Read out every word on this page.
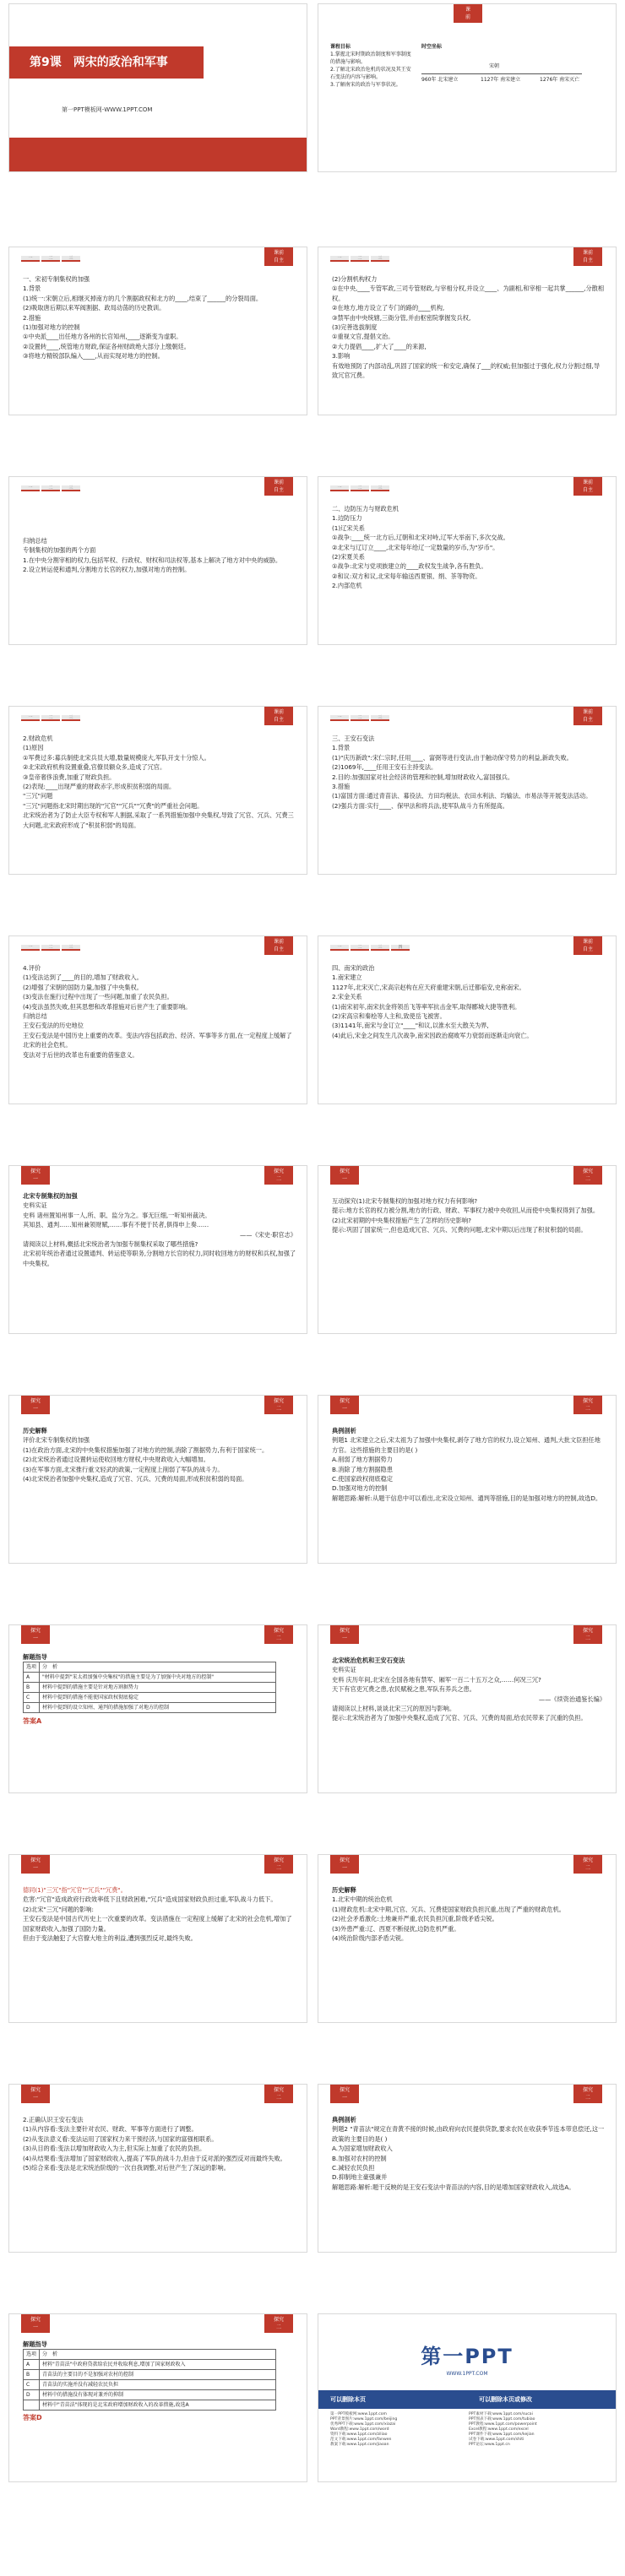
第9课　两宋的政治和军事
第一PPT模板网-WWW.1PPT.COM
课
前
课程目标
1.掌握北宋时期政治制度和军事制度的措施与影响。
2.了解北宋政治危机的状况及其王安石变法的内容与影响。
3.了解南宋的政治与军事状况。
时空坐标
宋朝
960年 北宋建立	1127年 南宋建立	1276年 南宋灭亡
一	二	三
课前
自主

一、宋初专制集权的加强

1.背景

(1)统一:宋朝立后,相继灭掉南方的几个割据政权和北方的____,结束了______的分裂局面。

(2)吸取唐后期以来军阀割据、政局动荡的历史教训。

2.措施

(1)加强对地方的控制

①中央派____出任地方各州的长官知州,____逐渐变为虚职。

②设置转____,统管地方财政,保证各州财政绝大部分上缴朝廷。

③将地方精锐部队编入____,从而实现对地方的控制。

一	二	三
课前
自主

(2)分割机构权力

①在中央,____专管军政,三司专管财政,与宰相分权,并设立____、为副相,和宰相一起共掌______,分散相权。

②在地方,地方设立了专门的路的____机构,

③禁军由中央统辖,三衙分管,并由枢密院掌握发兵权,

(3)完善选拔制度

①重视文官,提倡文治。

②大力提倡____,扩大了____的来源,

3.影响

有效地预防了内部动乱,巩固了国家的统一和安定,确保了___的权威;但加强过于强化,权力分割过细,导致冗官冗费。

一	二	三
课前
自主

归纳总结

专制集权的加强的两个方面

1.在中央分割宰相的权力,包括军权、行政权、财权和司法权等,基本上解决了地方对中央的威胁。

2.设立转运使和通判,分割地方长官的权力,加强对地方的控制。

一	二	三
课前
自主

二、边防压力与财政危机

1.边防压力

(1)辽宋关系

①战争:____统一北方后,辽朝和北宋对峙,辽军大举南下,多次交战。

②北宋与辽订立____,北宋每年给辽一定数量的岁币,为"岁币"。

(2)宋夏关系

①战争:北宋与党项族建立的____政权发生战争,各有胜负。

②和议:双方和议,北宋每年输送西夏银、绢、茶等物资。

2.内部危机

一	二	三
课前
自主

2.财政危机

(1)原因

①军费过多:募兵制使北宋兵员大增,数量规模庞大,军队开支十分惊人。

②北宋政府机构设置重叠,官僚员额众多,造成了冗官。

③皇帝奢侈浪费,加重了财政负担。

(2)表现:____出现严重的财政赤字,形成积贫积弱的局面。

"三冗"问题

"三冗"问题指北宋时期出现的"冗官""冗兵""冗费"的严重社会问题。

北宋统治者为了防止大臣专权和军人割据,采取了一系列措施加强中央集权,导致了冗官、冗兵、冗费三大问题,北宋政府形成了"积贫积弱"的局面。

一	二	三
课前
自主

三、王安石变法

1.背景

(1)"庆历新政":宋仁宗时,任用____、富弼等进行变法,由于触动保守势力的利益,新政失败。

(2)1069年,____任用王安石主持变法。

2.目的:加强国家对社会经济的管理和控制,增加财政收入,富国强兵。

3.措施

(1)富国方面:通过青苗法、募役法、方田均税法、农田水利法、均输法、市易法等开展变法活动。

(2)强兵方面:实行____、保甲法和将兵法,使军队战斗力有所提高。

一	二	三
课前
自主

4.评价

(1)变法达到了____的目的,增加了财政收入。

(2)增强了宋朝的国防力量,加强了中央集权。

(3)变法在施行过程中出现了一些问题,加重了农民负担。

(4)变法虽然失败,但其思想和改革措施对后世产生了重要影响。

归纳总结

王安石变法的历史地位

王安石变法是中国历史上重要的改革。变法内容包括政治、经济、军事等多方面,在一定程度上缓解了北宋的社会危机。

变法对于后世的改革也有重要的借鉴意义。

一	二	三	四
课前
自主

四、南宋的政治

1.南宋建立

1127年,北宋灭亡,宋高宗赵构在应天府重建宋朝,后迁都临安,史称南宋。

2.宋金关系

(1)南宋初年,南宋抗金将领岳飞等率军抗击金军,取得郾城大捷等胜利。

(2)宋高宗和秦桧等人主和,致使岳飞被害。

(3)1141年,南宋与金订立"____"和议,以淮水至大散关为界,

(4)此后,宋金之间发生几次战争,南宋因政治腐败军力衰弱而逐渐走向衰亡。

探究
一
探究
二

北宋专制集权的加强

史料实证

史料 诸州置知州事一人,所、职、监分为之。事无巨细,一听知州裁决。

其知县、通判……知州兼领财赋,……事有不便于民者,俱得申上奏……

——《宋史·职官志》

请阅读以上材料,概括北宋统治者为加强专制集权采取了哪些措施?

北宋初年统治者通过设置通判、转运使等职务,分割地方长官的权力,同时收回地方的财权和兵权,加强了中央集权。

探究
一
探究
二

互动探究(1)北宋专制集权的加强对地方权力有何影响?

提示:地方长官的权力被分割,地方的行政、财政、军事权力被中央收回,从而使中央集权得到了加强。

(2)北宋初期的中央集权措施产生了怎样的历史影响?

提示:巩固了国家统一,但也造成冗官、冗兵、冗费的问题,北宋中期以后出现了积贫积弱的局面。

探究
一
探究
二

历史解释

评价北宋专制集权的加强

(1)在政治方面,北宋的中央集权措施加强了对地方的控制,消除了割据势力,有利于国家统一。

(2)北宋统治者通过设置转运使收回地方财权,中央财政收入大幅增加。

(3)在军事方面,北宋推行重文轻武的政策,一定程度上削弱了军队的战斗力。

(4)北宋统治者加强中央集权,造成了冗官、冗兵、冗费的局面,形成积贫积弱的局面。

探究
一
探究
二

典例剖析

例题1 北宋建立之后,宋太祖为了加强中央集权,剥夺了地方官的权力,设立知州、通判,大批文臣担任地方官。这些措施的主要目的是( )

A.削弱了地方割据势力

B.消除了地方割据隐患

C.使国家政权彻底稳定

D.加强对地方的控制

解题思路:解析:从题干信息中可以看出,北宋设立知州、通判等措施,目的是加强对地方的控制,故选D。

探究
一
探究
二

解题指导

选项	分　析
A	"材料中提到"宋太祖加强中央集权"的措施主要是为了加强中央对地方的控制"
B	材料中提到的措施主要是针对地方割据势力
C	材料中提到的措施不能使国家政权彻底稳定
D	材料中提到的设立知州、通判的措施加强了对地方的控制

答案A

探究
一
探究
二

北宋统治危机和王安石变法

史料实证

史料 庆历年间,北宋在全国各地有禁军、厢军一百二十五万之众,……何况三冗?

天下有官吏冗费之患,农民赋税之患,军队有养兵之患。

——《续资治通鉴长编》

请阅读以上材料,谈谈北宋三冗的原因与影响。

提示:北宋统治者为了加强中央集权,造成了冗官、冗兵、冗费的局面,给农民带来了沉重的负担。

探究
一
探究
二

德同(1)"三冗"指"冗官""冗兵""冗费"。

危害:"冗官"造成政府行政效率低下且财政困难,"冗兵"造成国家财政负担过重,军队战斗力低下。

(2)北宋"三冗"问题的影响:

王安石变法是中国古代历史上一次重要的改革。变法措施在一定程度上缓解了北宋的社会危机,增加了国家财政收入,加强了国防力量。

但由于变法触犯了大官僚大地主的利益,遭到强烈反对,最终失败。

探究
一
探究
二

历史解释

1.北宋中期的统治危机

(1)财政危机:北宋中期,冗官、冗兵、冗费使国家财政负担沉重,出现了严重的财政危机。

(2)社会矛盾激化:土地兼并严重,农民负担沉重,阶级矛盾尖锐。

(3)外患严重:辽、西夏不断侵扰,边防危机严重。

(4)统治阶级内部矛盾尖锐。

探究
一
探究
二

2.正确认识王安石变法

(1)从内容看:变法主要针对农民、财政、军事等方面进行了调整。

(2)从变法意义看:变法运用了国家权力来干预经济,与国家的富强相联系。

(3)从目的看:变法以增加财政收入为主,但实际上加重了农民的负担。

(4)从结果看:变法增加了国家财政收入,提高了军队的战斗力,但由于反对派的强烈反对而最终失败。

(5)综合来看:变法是北宋统治阶级的一次自我调整,对后世产生了深远的影响。

探究
一
探究
二

典例剖析

例题2 "青苗法"规定在青黄不接的时候,由政府向农民提供贷款,要求农民在收获季节连本带息偿还,这一政策的主要目的是( )

A.为国家增加财政收入

B.加强对农村的控制

C.减轻农民负担

D.抑制地主豪强兼并

解题思路:解析:题干反映的是王安石变法中青苗法的内容,目的是增加国家财政收入,故选A。

探究
一
探究
二

解题指导

选项	分　析
A	材料"青苗法"中政府贷款给农民并收取利息,增加了国家财政收入
B	青苗法的主要目的不是加强对农村的控制
C	青苗法的实施并没有减轻农民负担
D	材料中的措施没有体现对兼并的抑制
	材料中"青苗法"体现的是北宋政府增加财政收入的改革措施,故选A

答案D

第一PPT
WWW.1PPT.COM
可以删除本页	可以删除本页或修改
第一PPT模板网:www.1ppt.com	PPT素材下载:www.1ppt.com/sucai
PPT背景图片:www.1ppt.com/beijing	PPT图表下载:www.1ppt.com/tubiao
优秀PPT下载:www.1ppt.com/xiazai	PPT教程:www.1ppt.com/powerpoint
Word教程:www.1ppt.com/word	Excel教程:www.1ppt.com/excel
资料下载:www.1ppt.com/ziliao	PPT课件下载:www.1ppt.com/kejian
范文下载:www.1ppt.com/fanwen	试卷下载:www.1ppt.com/shiti
教案下载:www.1ppt.com/jiaoan	PPT论坛:www.1ppt.cn
